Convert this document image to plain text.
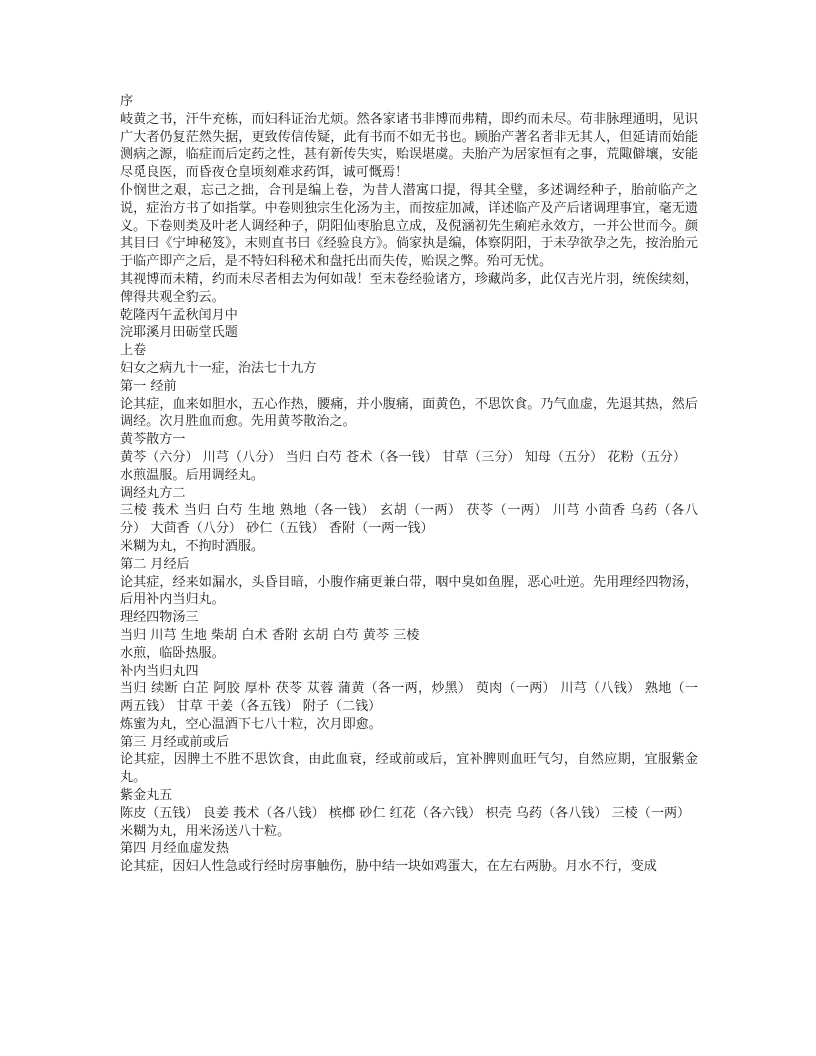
序

岐黄之书，汗牛充栋，而妇科证治尤烦。然各家诸书非博而弗精，即约而未尽。苟非脉理通明，见识广大者仍复茫然失据，更致传信传疑，此有书而不如无书也。顾胎产著名者非无其人，但延请而始能测病之源，临症而后定药之性，甚有新传失实，贻误堪虞。夫胎产为居家恒有之事，荒陬僻壤，安能尽觅良医，而昏夜仓皇顷刻难求药饵，诚可慨焉！

仆悯世之艰，忘己之拙，合刊是编上卷，为昔人潜寓口提，得其全璧，多述调经种子，胎前临产之说，症治方书了如指掌。中卷则独宗生化汤为主，而按症加减，详述临产及产后诸调理事宜，毫无遗义。下卷则类及叶老人调经种子，阴阳仙枣胎息立成，及倪涵初先生痢疟永效方，一并公世而今。颜其目曰《宁坤秘笈》，末则直书曰《经验良方》。倘家执是编，体察阴阳，于未孕欲孕之先，按治胎元于临产即产之后，是不特妇科秘术和盘托出而失传，贻误之弊。殆可无忧。

其视博而未精，约而未尽者相去为何如哉！至末卷经验诸方，珍藏尚多，此仅吉光片羽，统俟续刻，俾得共观全豹云。

乾隆丙午孟秋闰月中

浣耶溪月田砺堂氏题

上卷

妇女之病九十一症，治法七十九方

第一 经前

论其症，血来如胆水，五心作热，腰痛，并小腹痛，面黄色，不思饮食。乃气血虚，先退其热，然后调经。次月胜血而愈。先用黄芩散治之。

黄芩散方一

黄芩（六分） 川芎（八分） 当归 白芍 苍术（各一钱） 甘草（三分） 知母（五分） 花粉（五分）

水煎温服。后用调经丸。

调经丸方二

三棱 莪术 当归 白芍 生地 熟地（各一钱） 玄胡（一两） 茯苓（一两） 川芎 小茴香 乌药（各八分） 大茴香（八分） 砂仁（五钱） 香附（一两一钱）

米糊为丸，不拘时酒服。

第二 月经后

论其症，经来如漏水，头昏目暗，小腹作痛更兼白带，咽中臭如鱼腥，恶心吐逆。先用理经四物汤，后用补内当归丸。

理经四物汤三

当归 川芎 生地 柴胡 白术 香附 玄胡 白芍 黄芩 三棱

水煎，临卧热服。

补内当归丸四

当归 续断 白芷 阿胶 厚朴 茯苓 苁蓉 蒲黄（各一两，炒黑） 萸肉（一两） 川芎（八钱） 熟地（一两五钱） 甘草 干姜（各五钱） 附子（二钱）

炼蜜为丸，空心温酒下七八十粒，次月即愈。

第三 月经或前或后

论其症，因脾土不胜不思饮食，由此血衰，经或前或后，宜补脾则血旺气匀，自然应期，宜服紫金丸。

紫金丸五

陈皮（五钱） 良姜 莪术（各八钱） 槟榔 砂仁 红花（各六钱） 枳壳 乌药（各八钱） 三棱（一两）

米糊为丸，用米汤送八十粒。

第四 月经血虚发热

论其症，因妇人性急或行经时房事触伤，胁中结一块如鸡蛋大，在左右两胁。月水不行，变成
